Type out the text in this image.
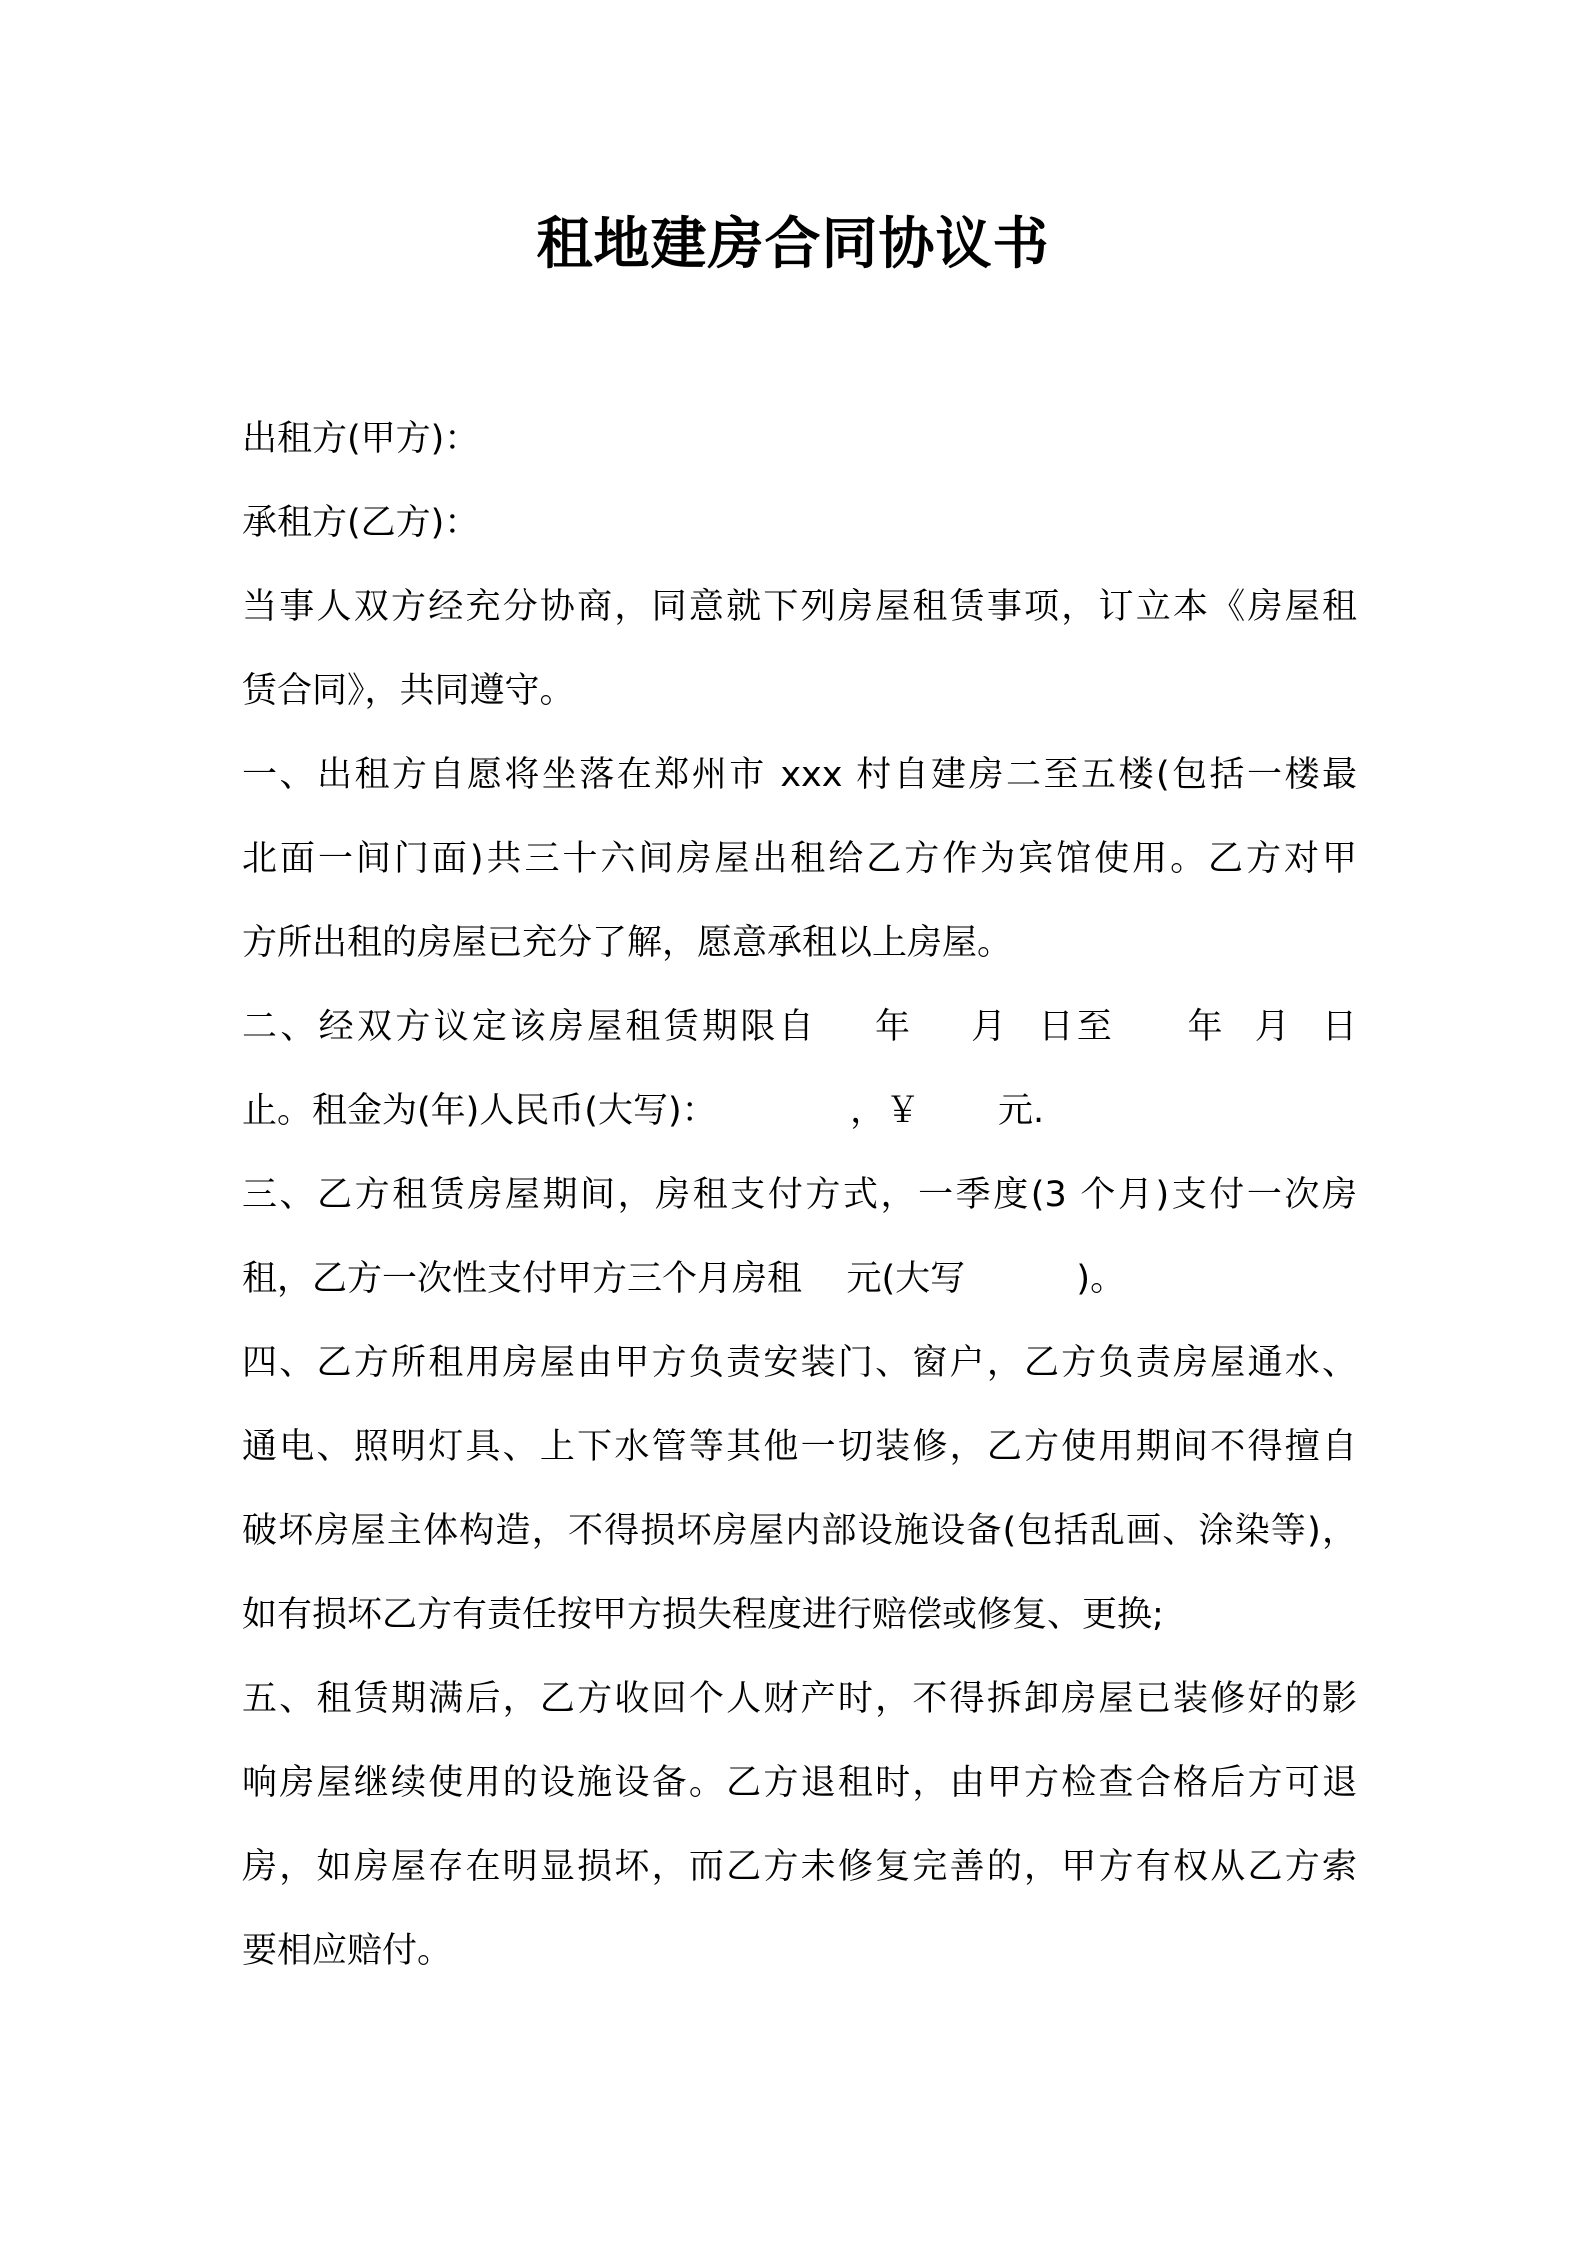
租地建房合同协议书
出租方(甲方)：
承租方(乙方)：
当事人双方经充分协商，同意就下列房屋租赁事项，订立本《房屋租
赁合同》，共同遵守。
一、出租方自愿将坐落在郑州市 xxx 村自建房二至五楼(包括一楼最
北面一间门面)共三十六间房屋出租给乙方作为宾馆使用。乙方对甲
方所出租的房屋已充分了解，愿意承租以上房屋。
二、经双方议定该房屋租赁期限自    年    月  日至     年  月  日
止。租金为(年)人民币(大写)：            ，￥       元.
三、乙方租赁房屋期间，房租支付方式，一季度(3 个月)支付一次房
租，乙方一次性支付甲方三个月房租    元(大写          )。
四、乙方所租用房屋由甲方负责安装门、窗户，乙方负责房屋通水、
通电、照明灯具、上下水管等其他一切装修，乙方使用期间不得擅自
破坏房屋主体构造，不得损坏房屋内部设施设备(包括乱画、涂染等)，
如有损坏乙方有责任按甲方损失程度进行赔偿或修复、更换;
五、租赁期满后，乙方收回个人财产时，不得拆卸房屋已装修好的影
响房屋继续使用的设施设备。乙方退租时，由甲方检查合格后方可退
房，如房屋存在明显损坏，而乙方未修复完善的，甲方有权从乙方索
要相应赔付。
